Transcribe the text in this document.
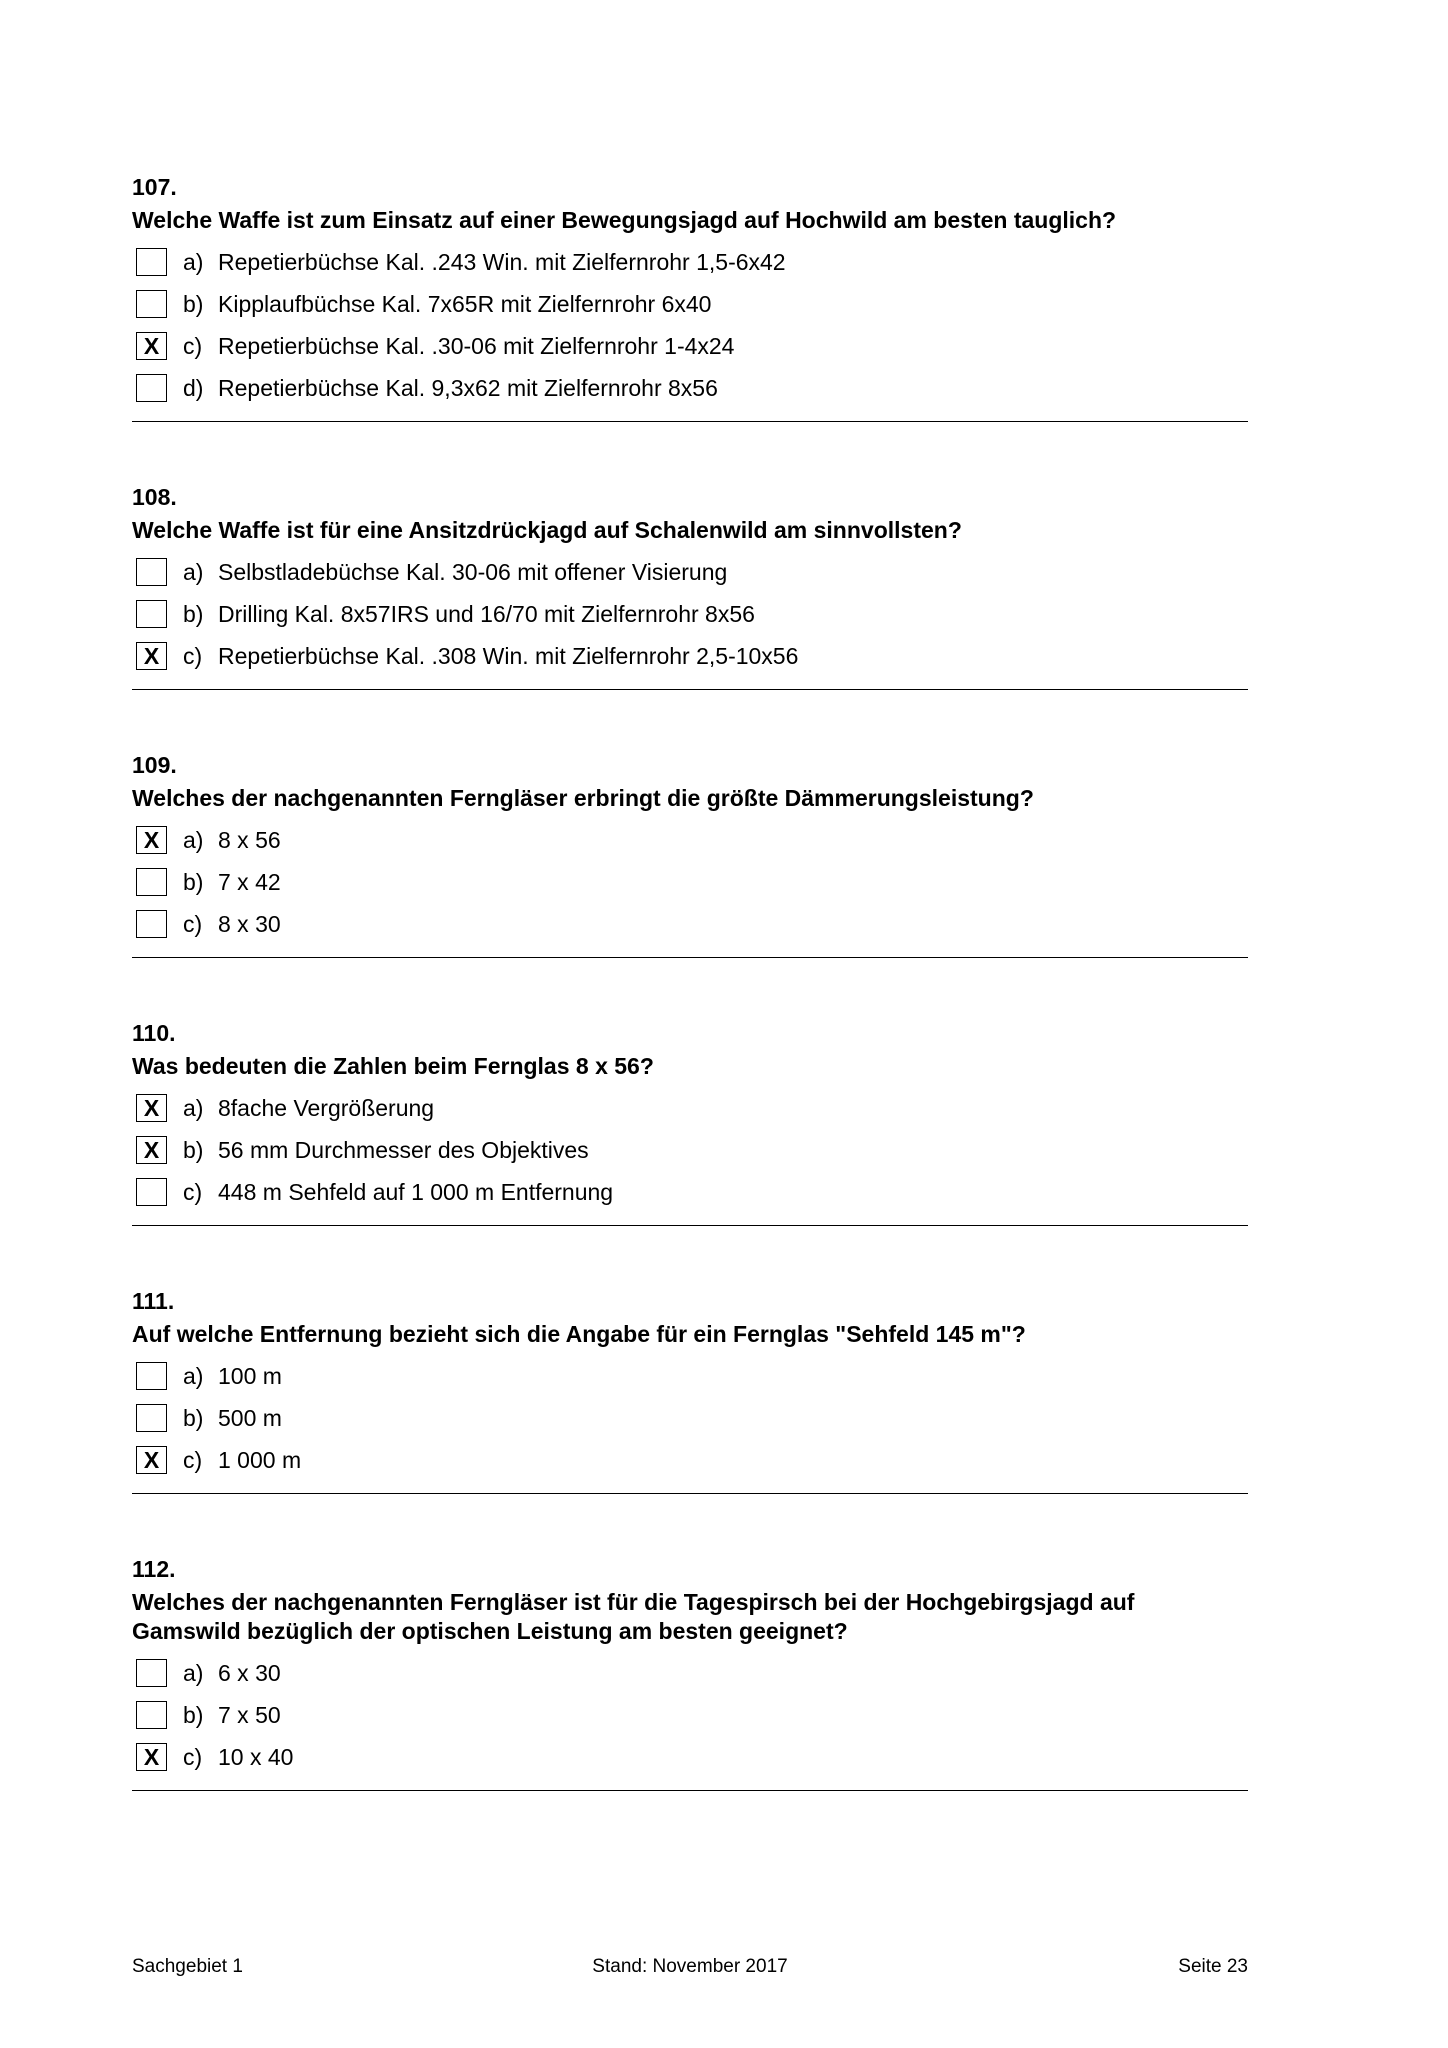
107.
Welche Waffe ist zum Einsatz auf einer Bewegungsjagd auf Hochwild am besten tauglich?
a) Repetierbüchse Kal. .243 Win. mit Zielfernrohr 1,5-6x42
b) Kipplaufbüchse Kal. 7x65R mit Zielfernrohr 6x40
X	c) Repetierbüchse Kal. .30-06 mit Zielfernrohr 1-4x24
d) Repetierbüchse Kal. 9,3x62 mit Zielfernrohr 8x56
108.
Welche Waffe ist für eine Ansitzdrückjagd auf Schalenwild am sinnvollsten?
a) Selbstladebüchse Kal. 30-06 mit offener Visierung
b) Drilling Kal. 8x57IRS und 16/70 mit Zielfernrohr 8x56
X	c) Repetierbüchse Kal. .308 Win. mit Zielfernrohr 2,5-10x56
109.
Welches der nachgenannten Ferngläser erbringt die größte Dämmerungsleistung?
X	a) 8 x 56
b) 7 x 42
c) 8 x 30
110.
Was bedeuten die Zahlen beim Fernglas 8 x 56?
X	a) 8fache Vergrößerung
X	b) 56 mm Durchmesser des Objektives
c) 448 m Sehfeld auf 1 000 m Entfernung
111.
Auf welche Entfernung bezieht sich die Angabe für ein Fernglas "Sehfeld 145 m"?
a) 100 m
b) 500 m
X	c) 1 000 m
112.
Welches der nachgenannten Ferngläser ist für die Tagespirsch bei der Hochgebirgsjagd auf Gamswild bezüglich der optischen Leistung am besten geeignet?
a) 6 x 30
b) 7 x 50
X	c) 10 x 40
Sachgebiet 1	Stand: November 2017	Seite 23
